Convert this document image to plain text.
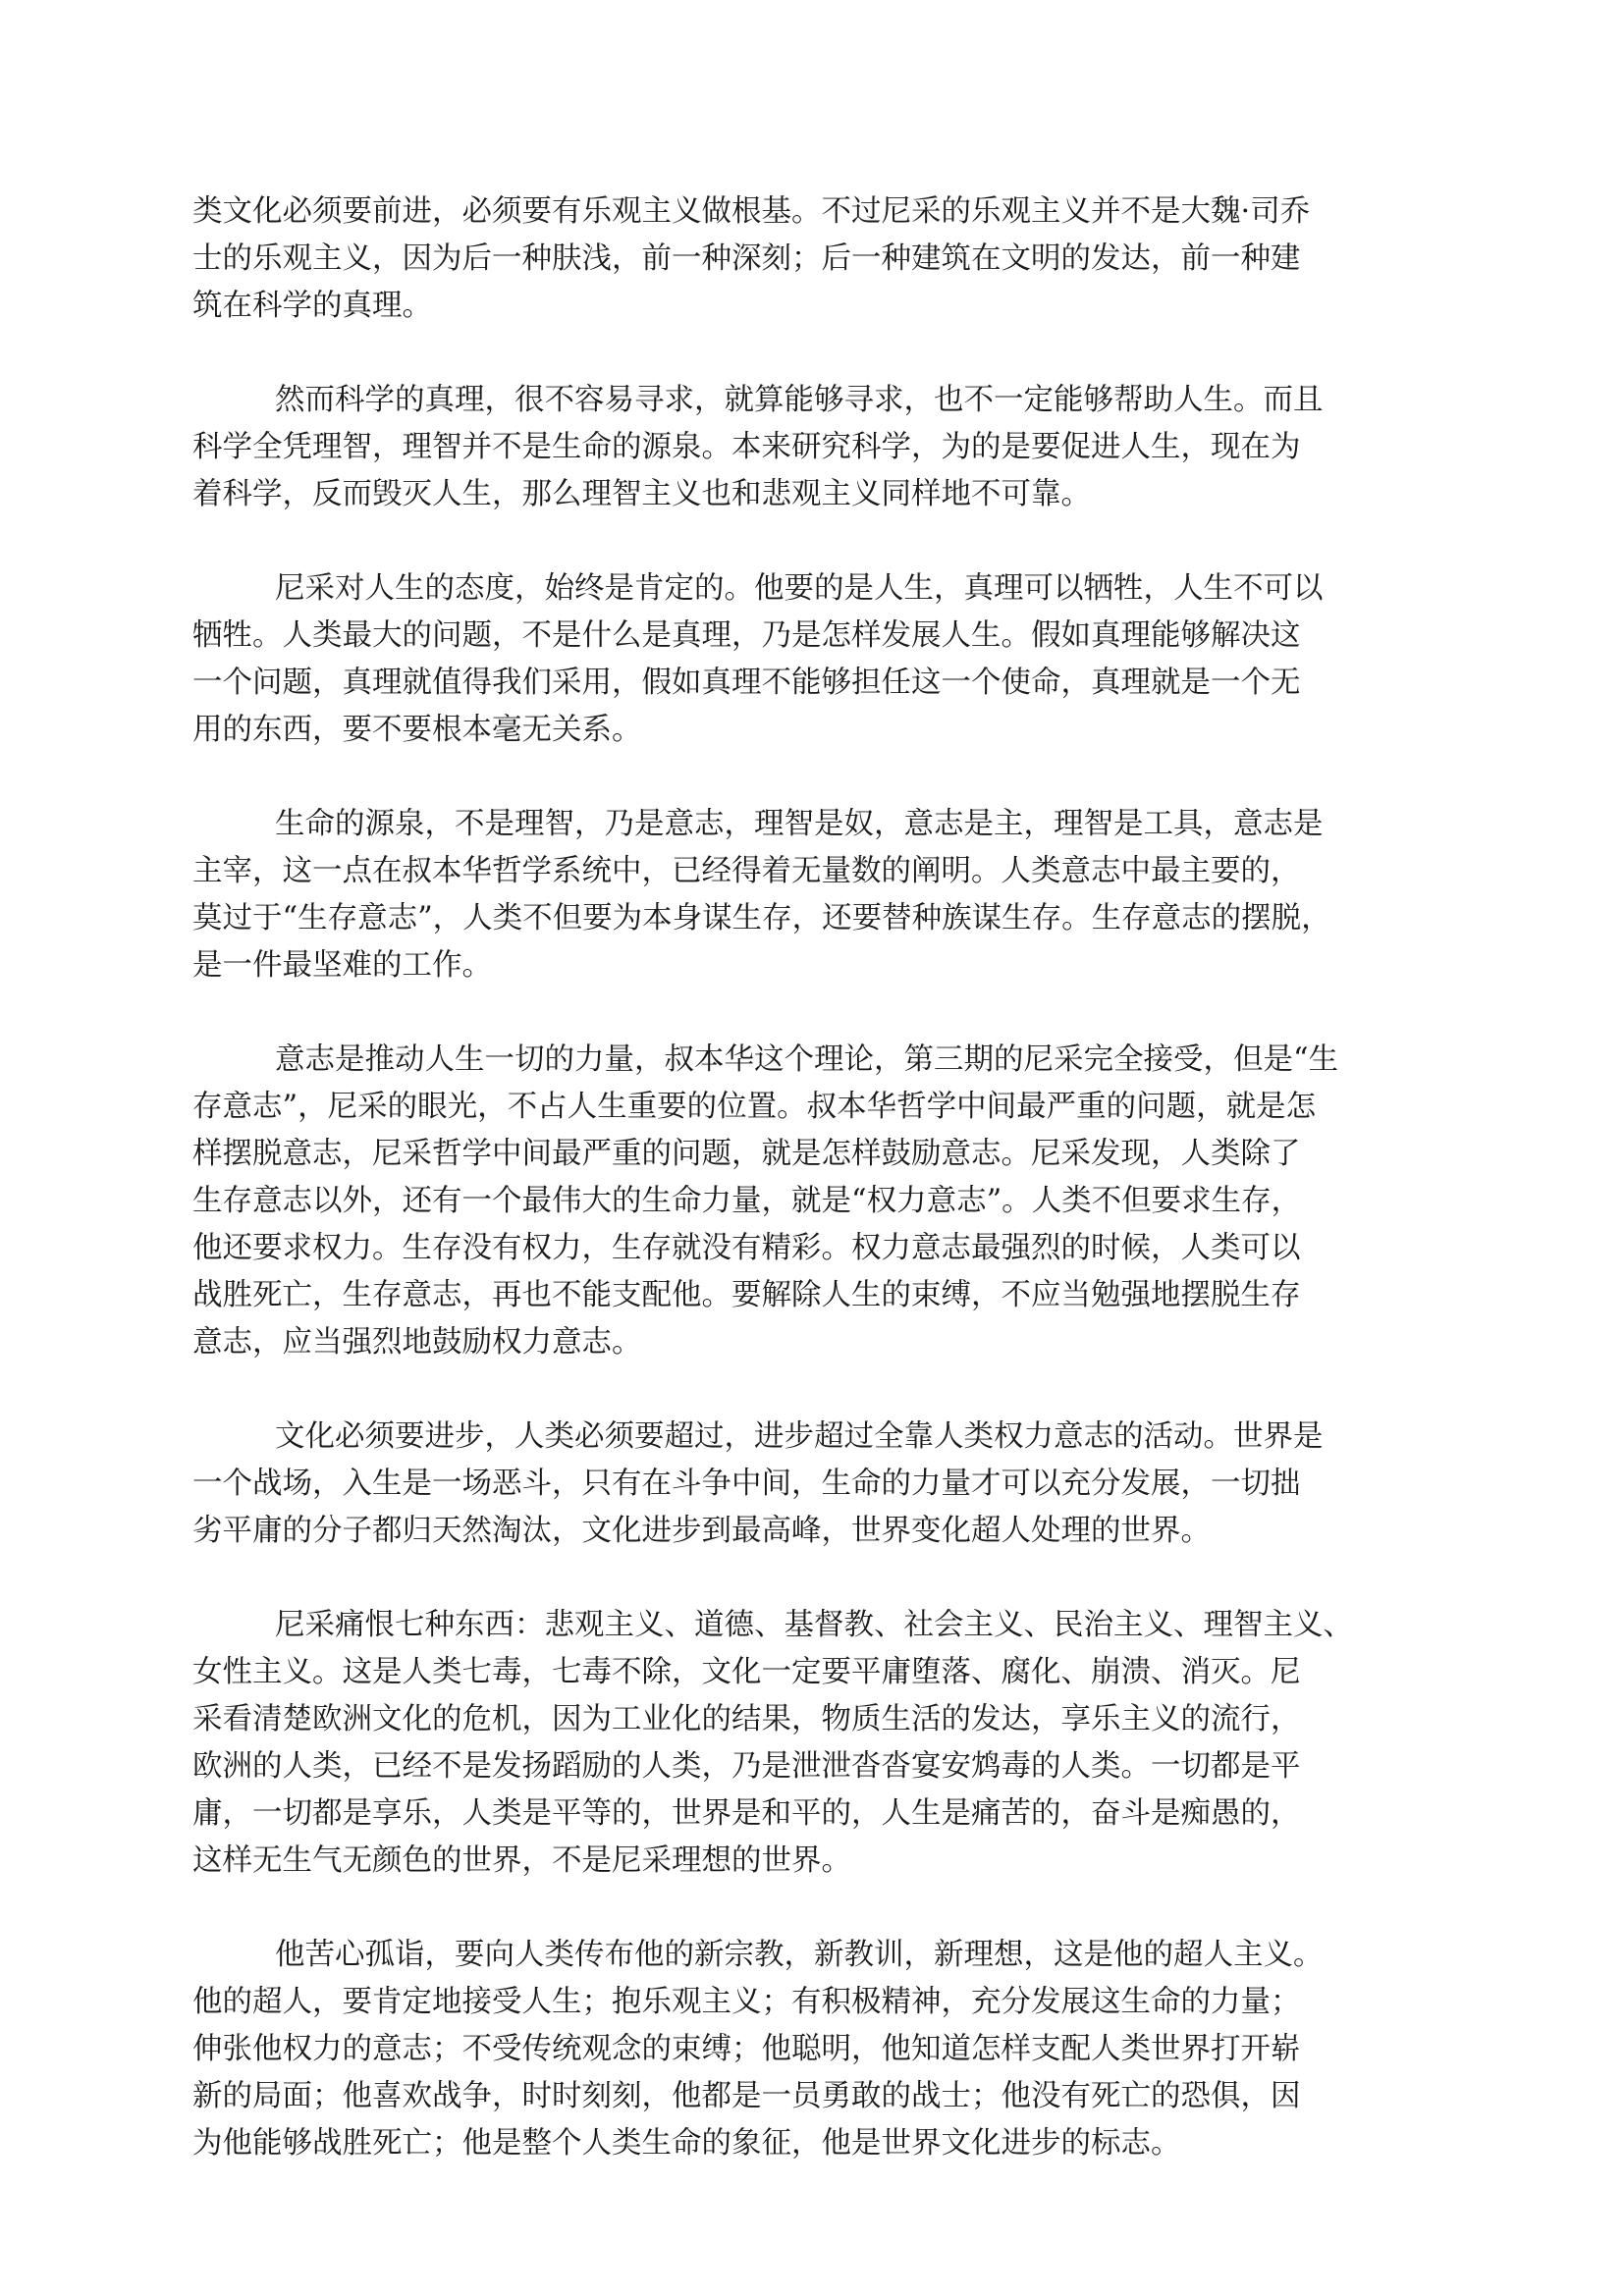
类文化必须要前进，必须要有乐观主义做根基。不过尼采的乐观主义并不是大魏·司乔
士的乐观主义，因为后一种肤浅，前一种深刻；后一种建筑在文明的发达，前一种建
筑在科学的真理。

然而科学的真理，很不容易寻求，就算能够寻求，也不一定能够帮助人生。而且
科学全凭理智，理智并不是生命的源泉。本来研究科学，为的是要促进人生，现在为
着科学，反而毁灭人生，那么理智主义也和悲观主义同样地不可靠。

尼采对人生的态度，始终是肯定的。他要的是人生，真理可以牺牲，人生不可以
牺牲。人类最大的问题，不是什么是真理，乃是怎样发展人生。假如真理能够解决这
一个问题，真理就值得我们采用，假如真理不能够担任这一个使命，真理就是一个无
用的东西，要不要根本毫无关系。

生命的源泉，不是理智，乃是意志，理智是奴，意志是主，理智是工具，意志是
主宰，这一点在叔本华哲学系统中，已经得着无量数的阐明。人类意志中最主要的，
莫过于“生存意志”，人类不但要为本身谋生存，还要替种族谋生存。生存意志的摆脱，
是一件最坚难的工作。

意志是推动人生一切的力量，叔本华这个理论，第三期的尼采完全接受，但是“生
存意志”，尼采的眼光，不占人生重要的位置。叔本华哲学中间最严重的问题，就是怎
样摆脱意志，尼采哲学中间最严重的问题，就是怎样鼓励意志。尼采发现，人类除了
生存意志以外，还有一个最伟大的生命力量，就是“权力意志”。人类不但要求生存，
他还要求权力。生存没有权力，生存就没有精彩。权力意志最强烈的时候，人类可以
战胜死亡，生存意志，再也不能支配他。要解除人生的束缚，不应当勉强地摆脱生存
意志，应当强烈地鼓励权力意志。

文化必须要进步，人类必须要超过，进步超过全靠人类权力意志的活动。世界是
一个战场，入生是一场恶斗，只有在斗争中间，生命的力量才可以充分发展，一切拙
劣平庸的分子都归天然淘汰，文化进步到最高峰，世界变化超人处理的世界。

尼采痛恨七种东西：悲观主义、道德、基督教、社会主义、民治主义、理智主义、
女性主义。这是人类七毒，七毒不除，文化一定要平庸堕落、腐化、崩溃、消灭。尼
采看清楚欧洲文化的危机，因为工业化的结果，物质生活的发达，享乐主义的流行，
欧洲的人类，已经不是发扬蹈励的人类，乃是泄泄沓沓宴安鸩毒的人类。一切都是平
庸，一切都是享乐，人类是平等的，世界是和平的，人生是痛苦的，奋斗是痴愚的，
这样无生气无颜色的世界，不是尼采理想的世界。

他苦心孤诣，要向人类传布他的新宗教，新教训，新理想，这是他的超人主义。
他的超人，要肯定地接受人生；抱乐观主义；有积极精神，充分发展这生命的力量；
伸张他权力的意志；不受传统观念的束缚；他聪明，他知道怎样支配人类世界打开崭
新的局面；他喜欢战争，时时刻刻，他都是一员勇敢的战士；他没有死亡的恐俱，因
为他能够战胜死亡；他是整个人类生命的象征，他是世界文化进步的标志。
